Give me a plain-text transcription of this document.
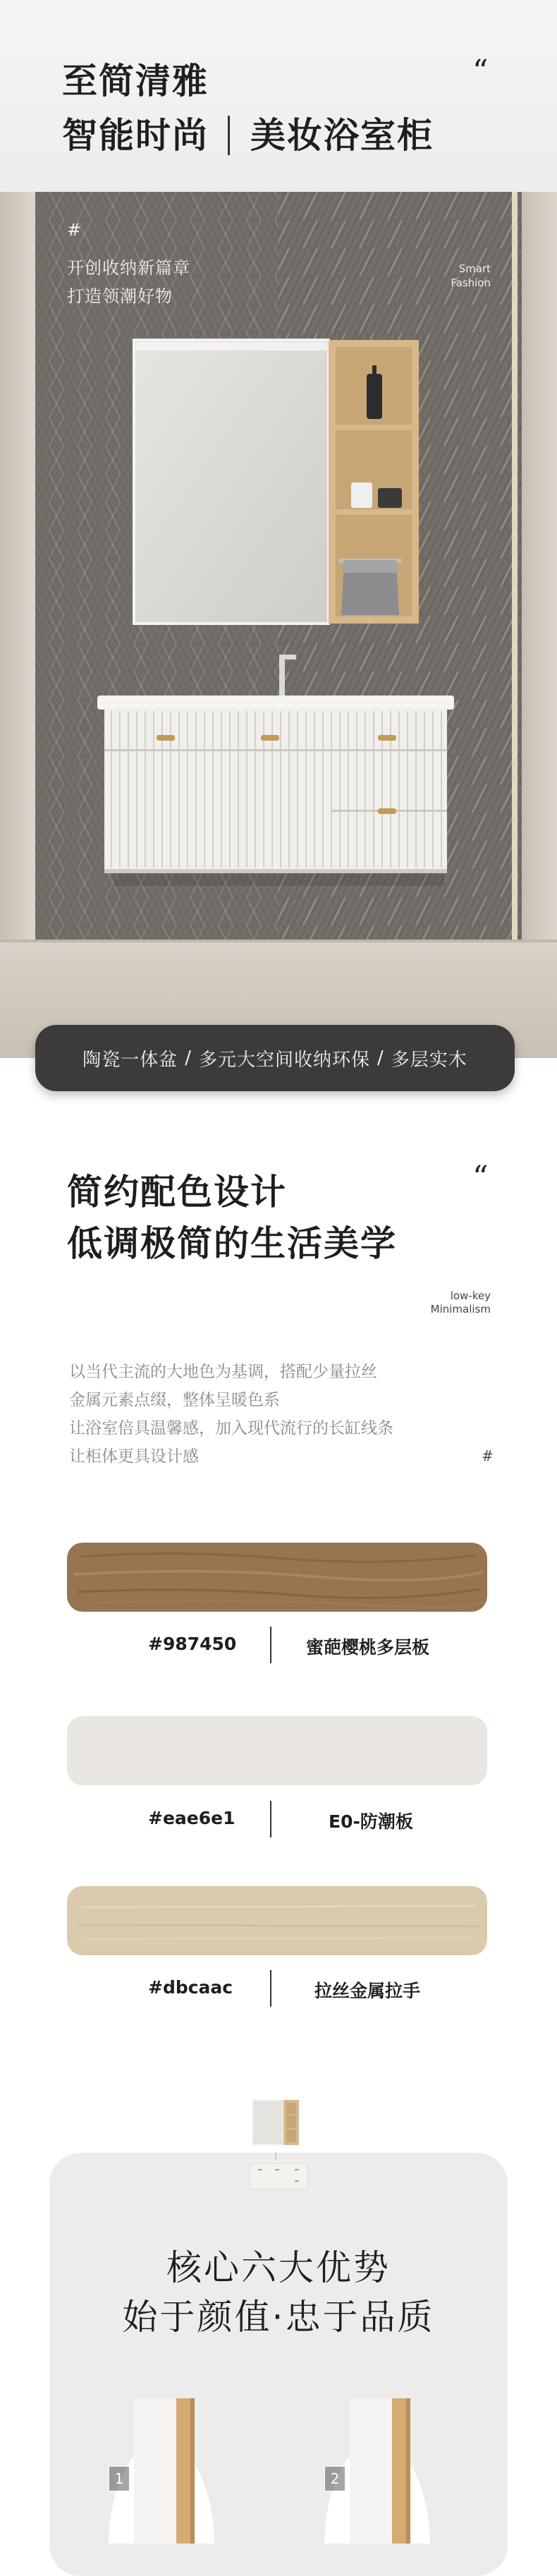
至简清雅
智能时尚 美妆浴室柜
“
#
开创收纳新篇章
打造领潮好物
Smart
Fashion
陶瓷一体盆 / 多元大空间收纳环保 / 多层实木
简约配色设计
低调极简的生活美学
“
low-key
Minimalism
以当代主流的大地色为基调，搭配少量拉丝
金属元素点缀，整体呈暖色系
让浴室倍具温馨感，加入现代流行的长缸线条
让柜体更具设计感	#
#987450	蜜葩樱桃多层板
#eae6e1	E0-防潮板
#dbcaac	拉丝金属拉手
核心六大优势
始于颜值·忠于品质
1	2
